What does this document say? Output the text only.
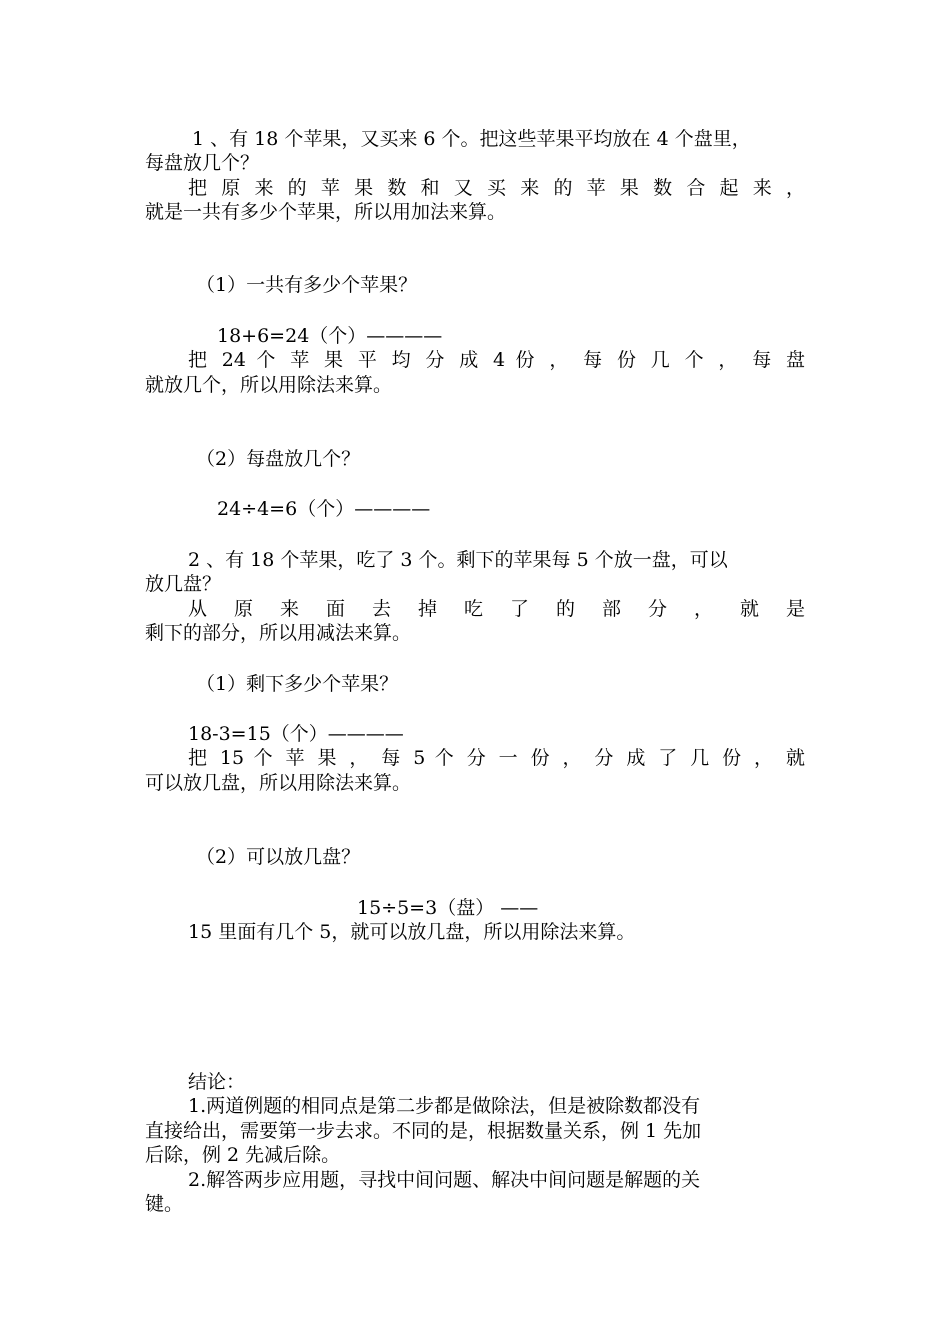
1 、有 18 个苹果，又买来 6 个。把这些苹果平均放在 4 个盘里，
每盘放几个？
把 原 来 的 苹 果 数 和 又 买 来 的 苹 果 数 合 起 来 ，
就是一共有多少个苹果，所以用加法来算。
（1）一共有多少个苹果？
18+6=24（个）————
把 24 个 苹 果 平 均 分 成 4 份 ， 每 份 几 个 ， 每 盘
就放几个，所以用除法来算。
（2）每盘放几个？
24÷4=6（个）————
2 、有 18 个苹果，吃了 3 个。剩下的苹果每 5 个放一盘，可以
放几盘？
从 原 来 面 去 掉 吃 了 的 部 分 ， 就 是
剩下的部分，所以用减法来算。
（1）剩下多少个苹果？
18-3=15（个）————
把 15 个 苹 果 ， 每 5 个 分 一 份 ， 分 成 了 几 份 ， 就
可以放几盘，所以用除法来算。
（2）可以放几盘？
15÷5=3（盘） ——
15 里面有几个 5，就可以放几盘，所以用除法来算。
结论：
1.两道例题的相同点是第二步都是做除法，但是被除数都没有
直接给出，需要第一步去求。不同的是，根据数量关系，例 1 先加
后除，例 2 先减后除。
2.解答两步应用题，寻找中间问题、解决中间问题是解题的关
键。
